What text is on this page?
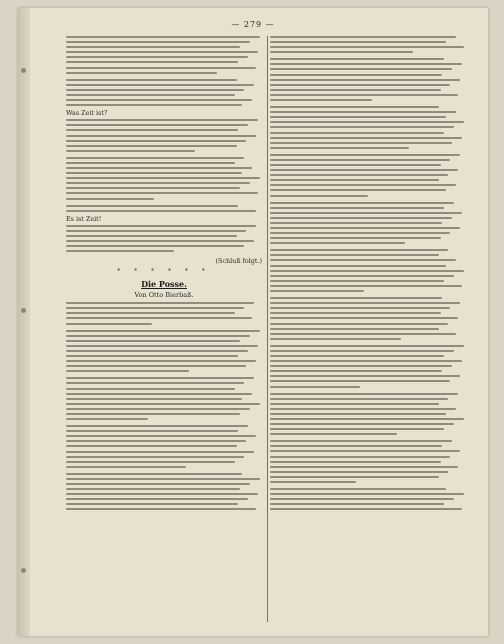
— 279 —
Was Zeit ist?
Es ist Zeit!
(Schluß folgt.)
* * * * * *
Die Posse.
Von Otto Bierbaß.
